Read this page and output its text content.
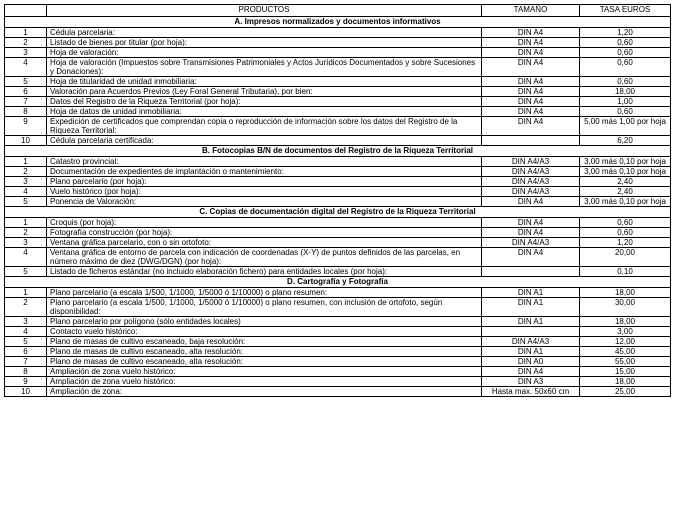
	PRODUCTOS	TAMAÑO	TASA EUROS
A. Impresos normalizados y documentos informativos			
1	Cédula parcelaria:	DIN A4	1,20
2	Listado de bienes por titular (por hoja):	DIN A4	0,60
3	Hoja de valoración:	DIN A4	0,60
4	Hoja de valoración (Impuestos sobre Transmisiones Patrimoniales y Actos Jurídicos Documentados y sobre Sucesiones y Donaciones):	DIN A4	0,60
5	Hoja de titularidad de unidad inmobiliaria:	DIN A4	0,60
6	Valoración para Acuerdos Previos (Ley Foral General Tributaria), por bien:	DIN A4	18,00
7	Datos del Registro de la Riqueza Territorial (por hoja):	DIN A4	1,00
8	Hoja de datos de unidad inmobiliaria:	DIN A4	0,60
9	Expedición de certificados que comprendan copia o reproducción de información sobre los datos del Registro de la Riqueza Territorial:	DIN A4	5,00 más 1,00 por hoja
10	Cédula parcelaria certificada:		6,20
B. Fotocopias B/N de documentos del Registro de la Riqueza Territorial			
1	Catastro provincial:	DIN A4/A3	3,00 más 0,10 por hoja
2	Documentación de expedientes de implantación o mantenimiento:	DIN A4/A3	3,00 más 0,10 por hoja
3	Plano parcelario (por hoja):	DIN A4/A3	2,40
4	Vuelo histórico (por hoja):	DIN A4/A3	2,40
5	Ponencia de Valoración:	DIN A4	3,00 más 0,10 por hoja
C. Copias de documentación digital del Registro de la Riqueza Territorial			
1	Croquis (por hoja):	DIN A4	0,60
2	Fotografía construcción (por hoja):	DIN A4	0,60
3	Ventana gráfica parcelario, con o sin ortofoto:	DIN A4/A3	1,20
4	Ventana gráfica de entorno de parcela con indicación de coordenadas (X-Y) de puntos definidos de las parcelas, en número máximo de diez (DWG/DGN) (por hoja):	DIN A4	20,00
5	Listado de ficheros estándar (no incluido elaboración fichero) para entidades locales (por hoja):		0,10
D. Cartografía y Fotografía			
1	Plano parcelario (a escala 1/500, 1/1000, 1/5000 ó 1/10000) o plano resumen:	DIN A1	18,00
2	Plano parcelario (a escala 1/500, 1/1000, 1/5000 ó 1/10000) o plano resumen, con inclusión de ortofoto, según disponibilidad:	DIN A1	30,00
3	Plano parcelario por polígono (sólo entidades locales)	DIN A1	18,00
4	Contacto vuelo histórico:		3,00
5	Plano de masas de cultivo escaneado, baja resolución:	DIN A4/A3	12,00
6	Plano de masas de cultivo escaneado, alta resolución:	DIN A1	45,00
7	Plano de masas de cultivo escaneado, alta resolución:	DIN A0	55,00
8	Ampliación de zona vuelo histórico:	DIN A4	15,00
9	Ampliación de zona vuelo histórico:	DIN A3	18,00
10	Ampliación de zona:	Hasta max. 50x60 cm	25,00
